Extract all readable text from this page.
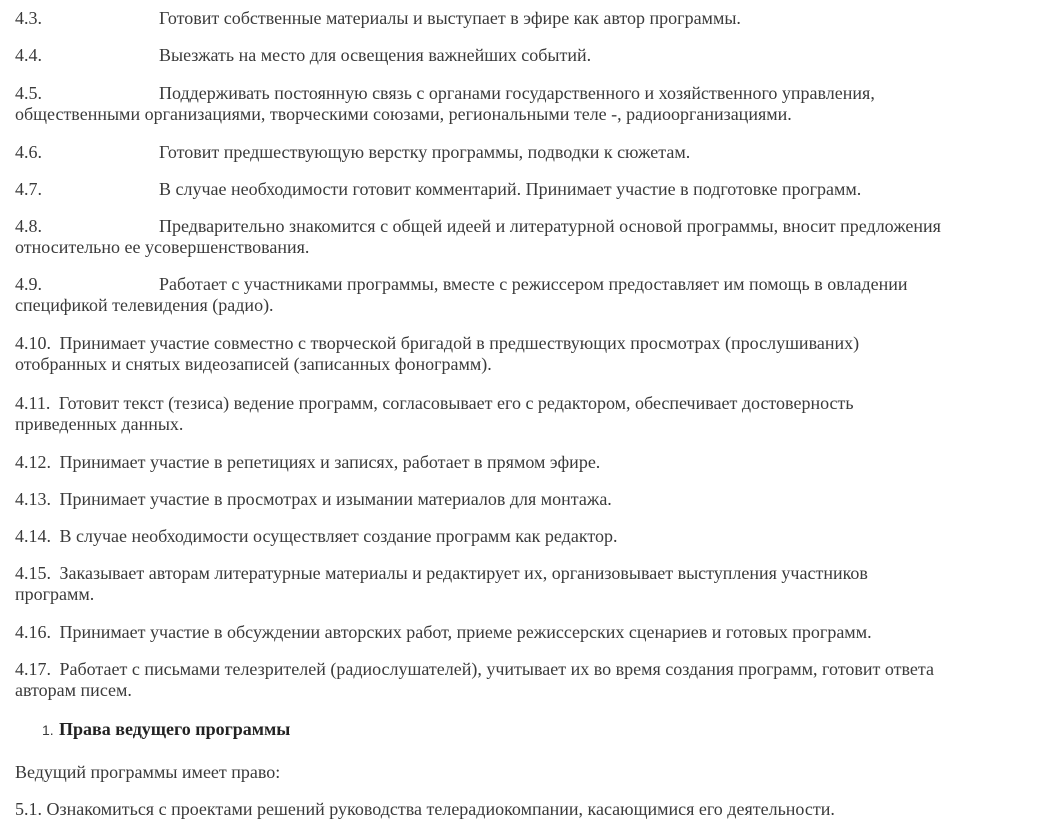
4.3.	Готовит собственные материалы и выступает в эфире как автор программы.
4.4.	Выезжать на место для освещения важнейших событий.
4.5.	Поддерживать постоянную связь с органами государственного и хозяйственного управления,
общественными организациями, творческими союзами, региональными теле -, радиоорганизациями.
4.6.	Готовит предшествующую верстку программы, подводки к сюжетам.
4.7.	В случае необходимости готовит комментарий. Принимает участие в подготовке программ.
4.8.	Предварительно знакомится с общей идеей и литературной основой программы, вносит предложения
относительно ее усовершенствования.
4.9.	Работает с участниками программы, вместе с режиссером предоставляет им помощь в овладении
спецификой телевидения (радио).
4.10. Принимает участие совместно с творческой бригадой в предшествующих просмотрах (прослушиваних)
отобранных и снятых видеозаписей (записанных фонограмм).
4.11. Готовит текст (тезиса) ведение программ, согласовывает его с редактором, обеспечивает достоверность
приведенных данных.
4.12. Принимает участие в репетициях и записях, работает в прямом эфире.
4.13. Принимает участие в просмотрах и изымании материалов для монтажа.
4.14. В случае необходимости осуществляет создание программ как редактор.
4.15. Заказывает авторам литературные материалы и редактирует их, организовывает выступления участников
программ.
4.16. Принимает участие в обсуждении авторских работ, приеме режиссерских сценариев и готовых программ.
4.17. Работает с письмами телезрителей (радиослушателей), учитывает их во время создания программ, готовит ответа
авторам писем.
1. Права ведущего программы
Ведущий программы имеет право:
5.1. Ознакомиться с проектами решений руководства телерадиокомпании, касающимися его деятельности.
